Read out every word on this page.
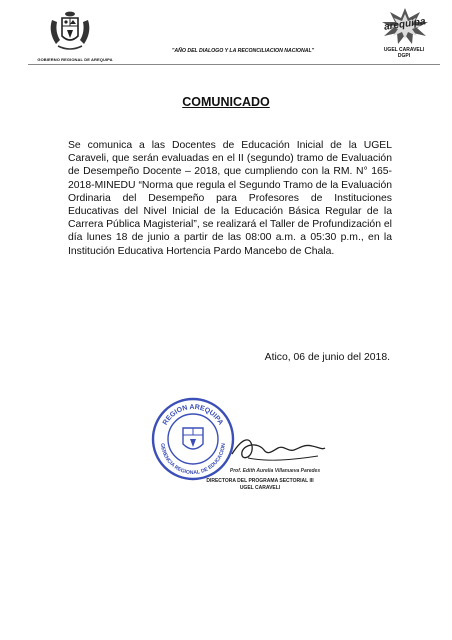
GOBIERNO REGIONAL DE AREQUIPA
"AÑO DEL DIALOGO Y LA RECONCILIACION NACIONAL"
arequipa
UGEL CARAVELI
DGPI
COMUNICADO
Se comunica a las Docentes de Educación Inicial de la UGEL Caraveli, que serán evaluadas en el II (segundo) tramo de Evaluación de Desempeño Docente – 2018, que cumpliendo con la RM. N° 165-2018-MINEDU “Norma que regula el Segundo Tramo de la Evaluación Ordinaria del Desempeño para Profesores de Instituciones Educativas del Nivel Inicial de la Educación Básica Regular de la Carrera Pública Magisterial”, se realizará el Taller de Profundización el día lunes 18 de junio a partir de las 08:00 a.m. a 05:30 p.m., en la Institución Educativa Hortencia Pardo Mancebo de Chala.
Atico, 06 de junio del 2018.
REGION AREQUIPA
GERENCIA REGIONAL DE EDUCACION
Prof. Edith Aurelia Villanueva Paredes
DIRECTORA DEL PROGRAMA SECTORIAL III
UGEL CARAVELI
